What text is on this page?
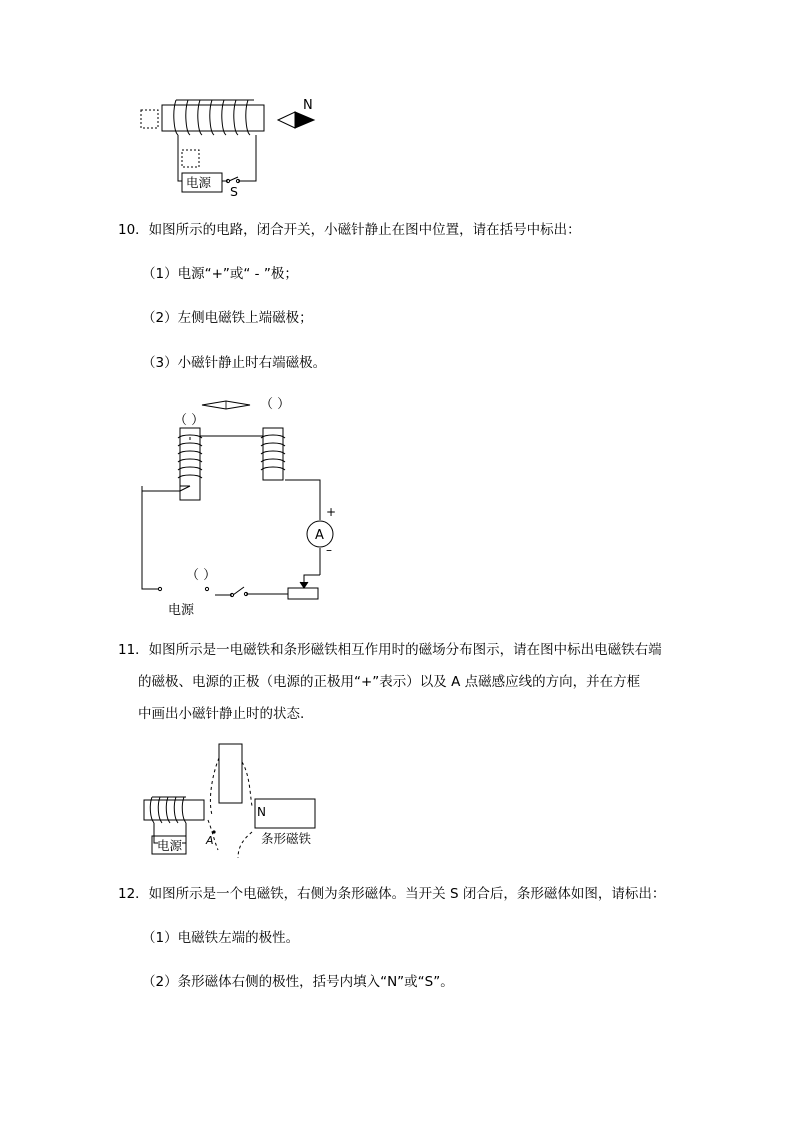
N
电源
S
10．如图所示的电路，闭合开关，小磁针静止在图中位置，请在括号中标出：
（1）电源“+”或“ - ”极；
（2）左侧电磁铁上端磁极；
（3）小磁针静止时右端磁极。
（ ）
（ ）
（ ）
A
+
–
电源
11．如图所示是一电磁铁和条形磁铁相互作用时的磁场分布图示，请在图中标出电磁铁右端
的磁极、电源的正极（电源的正极用“+”表示）以及 A 点磁感应线的方向，并在方框
中画出小磁针静止时的状态.
N
条形磁铁
电源 A
12．如图所示是一个电磁铁，右侧为条形磁体。当开关 S 闭合后，条形磁体如图，请标出：
（1）电磁铁左端的极性。
（2）条形磁体右侧的极性，括号内填入“N”或“S”。
